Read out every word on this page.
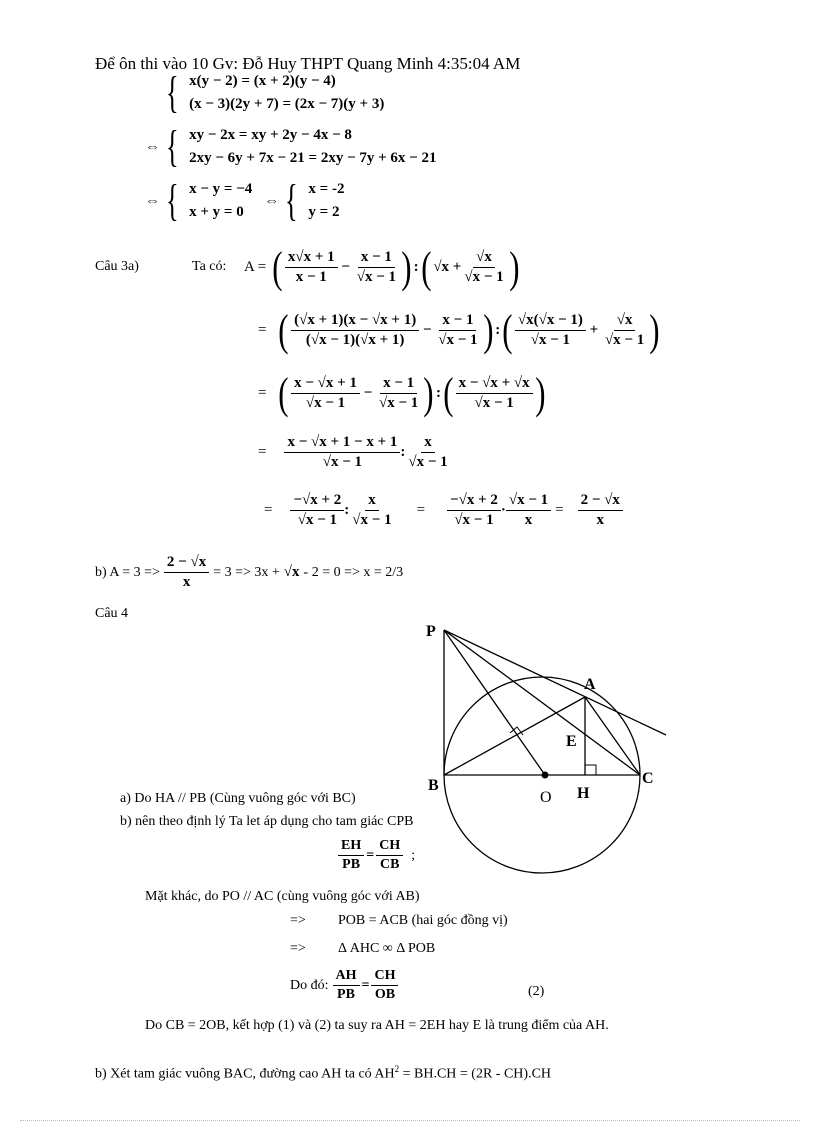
Để ôn thi vào 10 Gv: Đỗ Huy THPT Quang Minh 4:35:04 AM
{ x(y − 2) = (x + 2)(y − 4)
(x − 3)(2y + 7) = (2x − 7)(y + 3)
⇔ { xy − 2x = xy + 2y − 4x − 8
2xy − 6y + 7x − 21 = 2xy − 7y + 6x − 21
⇔ { x − y = −4
x + y = 0
⇔ { x = -2
y = 2
Câu 3a)	Ta có: A = ( $\frac{x√x + 1}{x - 1} - \frac{x - 1}{√x - 1}$ ) : ( $√x + \frac{√x}{√x - 1}$ )
= ( $\frac{(√x + 1)(x - √x + 1)}{(√x - 1)(√x + 1)} - \frac{x - 1}{√x - 1}$ ) : ( $\frac{√x(√x - 1)}{√x - 1} + \frac{√x}{√x - 1}$ )
= ( $\frac{x - √x + 1}{√x - 1} - \frac{x - 1}{√x - 1}$ ) : ( $\frac{x - √x + √x}{√x - 1}$ )
= $\frac{x - √x + 1 - x + 1}{√x - 1}$ : $\frac{x}{√x - 1}$
= $\frac{-√x + 2}{√x - 1}$ : $\frac{x}{√x - 1} = \frac{-√x + 2}{√x - 1} \cdot \frac{√x - 1}{x} = \frac{2 - √x}{x}$
b) $A = 3 => \frac{2 - √x}{x} = 3 => 3x + √x - 2 = 0 => x = 2/3$
Câu 4
P
A
E
B
O H
C
a) Do HA // PB (Cùng vuông góc với BC)
b) nên theo định lý Ta let áp dụng cho tam giác CPB
$\frac{EH}{PB} = \frac{CH}{CB}$ ;
Mặt khác, do PO // AC (cùng vuông góc với AB)
=> POB = ACB (hai góc đồng vị)
=> Δ AHC ∞ Δ POB
Do đó: $\frac{AH}{PB} = \frac{CH}{OB}$	(2)
Do CB = 2OB, kết hợp (1) và (2) ta suy ra AH = 2EH hay E là trung điểm của AH.
b) Xét tam giác vuông BAC, đường cao AH ta có $AH^2 = BH.CH = (2R - CH).CH$
